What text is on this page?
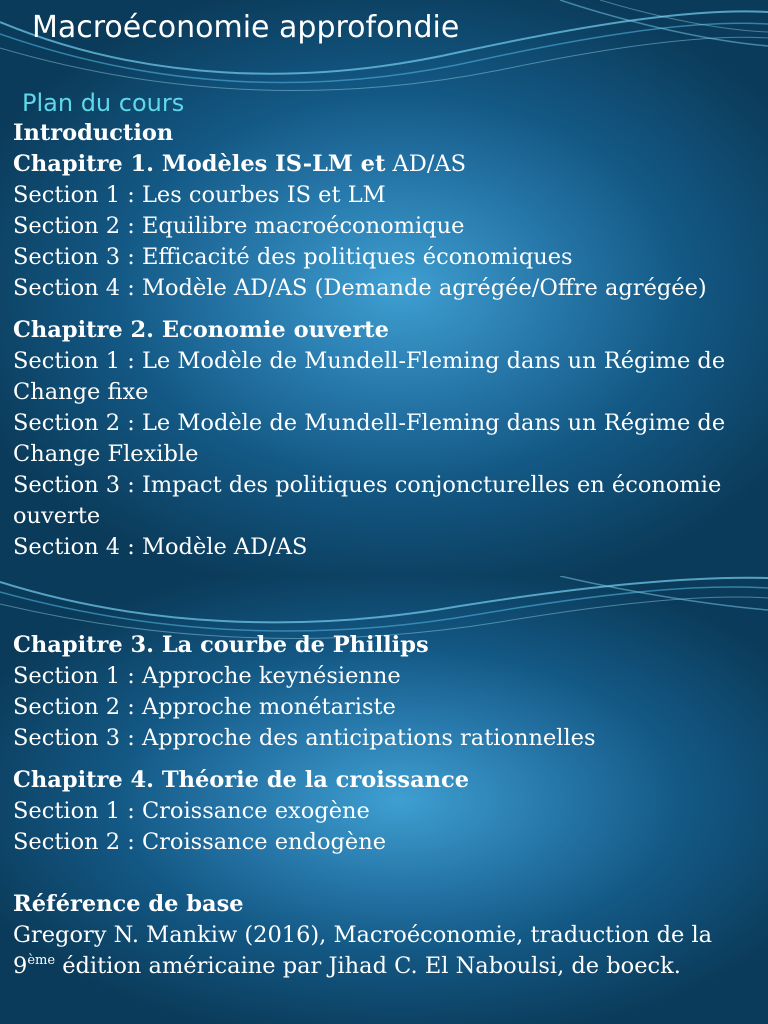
Macroéconomie approfondie
Plan du cours

Introduction

Chapitre 1. Modèles IS-LM et AD/AS

Section 1 : Les courbes IS et LM

Section 2 : Equilibre macroéconomique

Section 3 : Efficacité des politiques économiques

Section 4 : Modèle AD/AS (Demande agrégée/Offre agrégée)

Chapitre 2. Economie ouverte

Section 1 : Le Modèle de Mundell-Fleming dans un Régime de Change fixe

Section 2 : Le Modèle de Mundell-Fleming dans un Régime de Change Flexible

Section 3 : Impact des politiques conjoncturelles en économie ouverte

Section 4 : Modèle AD/AS

Chapitre 3. La courbe de Phillips

Section 1 : Approche keynésienne

Section 2 : Approche monétariste

Section 3 : Approche des anticipations rationnelles

Chapitre 4. Théorie de la croissance

Section 1 : Croissance exogène

Section 2 : Croissance endogène

Référence de base

Gregory N. Mankiw (2016), Macroéconomie, traduction de la 9ème édition américaine par Jihad C. El Naboulsi, de boeck.
